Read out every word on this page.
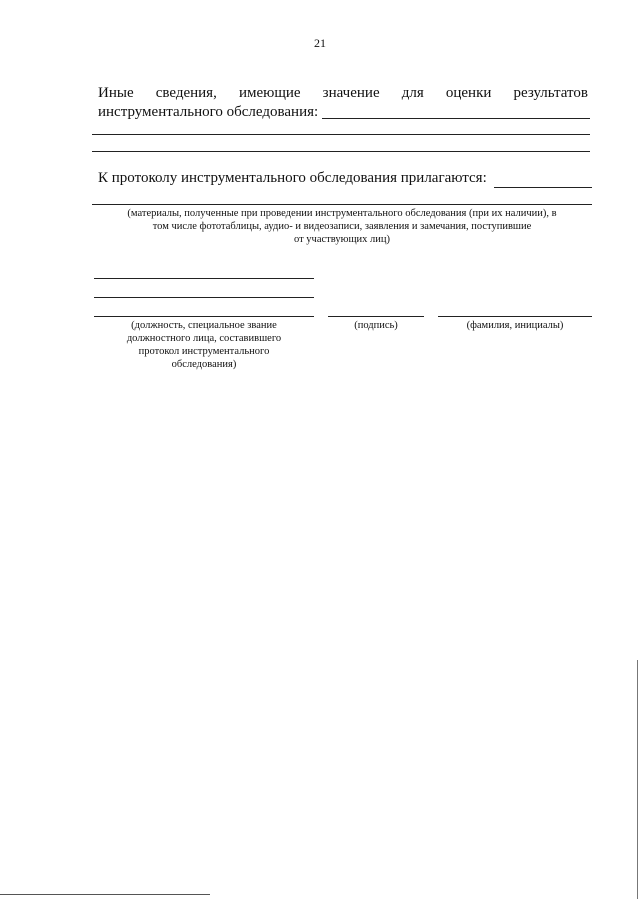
21
Иные сведения, имеющие значение для оценки результатов
инструментального обследования:
К протоколу инструментального обследования прилагаются:
(материалы, полученные при проведении инструментального обследования (при их наличии), в
том числе фототаблицы, аудио- и видеозаписи, заявления и замечания, поступившие
от участвующих лиц)
(должность, специальное звание
должностного лица, составившего
протокол инструментального
обследования)
(подпись)	(фамилия, инициалы)
